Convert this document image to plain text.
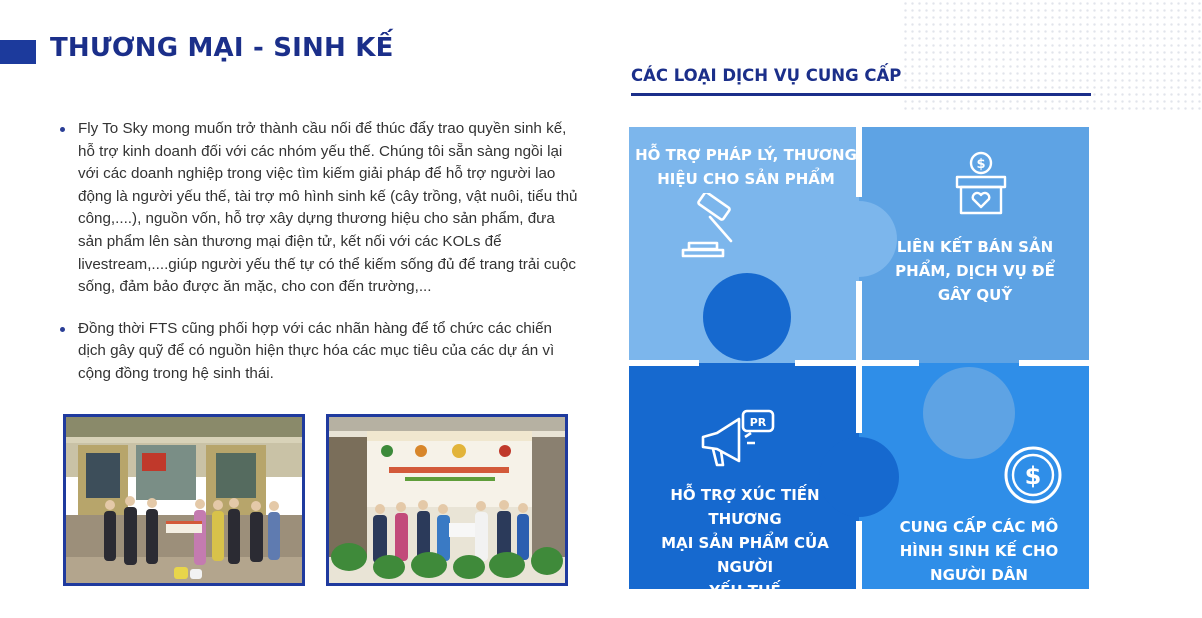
THƯƠNG MẠI - SINH KẾ
Fly To Sky mong muốn trở thành cầu nối để thúc đẩy trao quyền sinh kế, hỗ trợ kinh doanh đối với các nhóm yếu thế. Chúng tôi sẵn sàng ngồi lại với các doanh nghiệp trong việc tìm kiếm giải pháp để hỗ trợ người lao động là người yếu thế, tài trợ mô hình sinh kế (cây trồng, vật nuôi, tiểu thủ công,....), nguồn vốn, hỗ trợ xây dựng thương hiệu cho sản phẩm, đưa sản phẩm lên sàn thương mại điện tử, kết nối với các KOLs để livestream,....giúp người yếu thế tự có thể kiếm sống đủ để trang trải cuộc sống, đảm bảo được ăn mặc, cho con đến trường,...
Đồng thời FTS cũng phối hợp với các nhãn hàng để tổ chức các chiến dịch gây quỹ để có nguồn hiện thực hóa các mục tiêu của các dự án vì cộng đồng trong hệ sinh thái.
CÁC LOẠI DỊCH VỤ CUNG CẤP
$
PR
$

HỖ TRỢ PHÁP LÝ, THƯƠNG
HIỆU CHO SẢN PHẨM

LIÊN KẾT BÁN SẢN
PHẨM, DỊCH VỤ ĐỂ
GÂY QUỸ

HỖ TRỢ XÚC TIẾN THƯƠNG
MẠI SẢN PHẨM CỦA NGƯỜI
YẾU THẾ

CUNG CẤP CÁC MÔ
HÌNH SINH KẾ CHO
NGƯỜI DÂN
